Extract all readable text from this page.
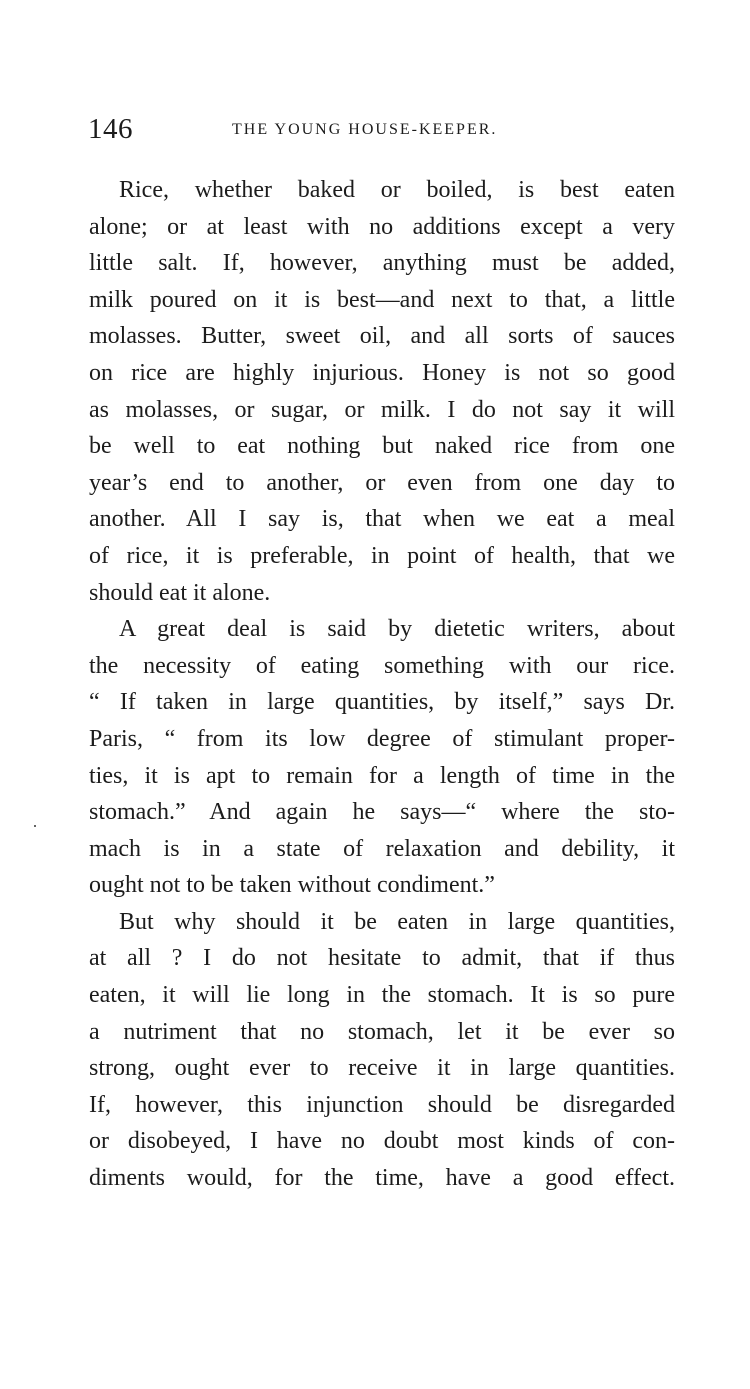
146	THE YOUNG HOUSE-KEEPER.
Rice, whether baked or boiled, is best eaten
alone; or at least with no additions except a very
little salt. If, however, anything must be added,
milk poured on it is best—and next to that, a little
molasses. Butter, sweet oil, and all sorts of sauces
on rice are highly injurious. Honey is not so good
as molasses, or sugar, or milk. I do not say it will
be well to eat nothing but naked rice from one
year’s end to another, or even from one day to
another. All I say is, that when we eat a meal
of rice, it is preferable, in point of health, that we
should eat it alone.
A great deal is said by dietetic writers, about
the necessity of eating something with our rice.
“ If taken in large quantities, by itself,” says Dr.
Paris, “ from its low degree of stimulant proper-
ties, it is apt to remain for a length of time in the
stomach.” And again he says—“ where the sto-
mach is in a state of relaxation and debility, it
ought not to be taken without condiment.”
But why should it be eaten in large quantities,
at all ? I do not hesitate to admit, that if thus
eaten, it will lie long in the stomach. It is so pure
a nutriment that no stomach, let it be ever so
strong, ought ever to receive it in large quantities.
If, however, this injunction should be disregarded
or disobeyed, I have no doubt most kinds of con-
diments would, for the time, have a good effect.
